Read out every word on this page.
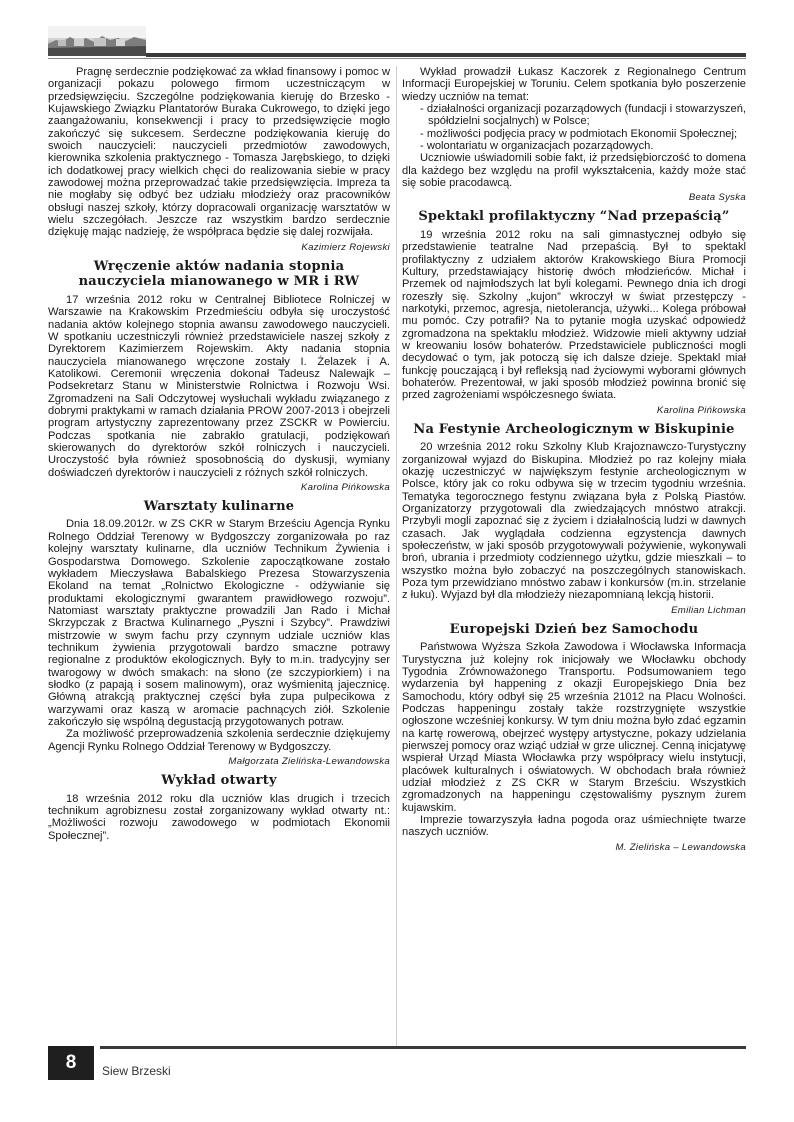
Pragnę serdecznie podziękować za wkład finansowy i pomoc w organizacji pokazu polowego firmom uczestniczącym w przedsięwzięciu. Szczególne podziękowania kieruję do Brzesko - Kujawskiego Związku Plantatorów Buraka Cukrowego, to dzięki jego zaangażowaniu, konsekwencji i pracy to przedsięwzięcie mogło zakończyć się sukcesem. Serdeczne podziękowania kieruję do swoich nauczycieli: nauczycieli przedmiotów zawodowych, kierownika szkolenia praktycznego - Tomasza Jarębskiego, to dzięki ich dodatkowej pracy wielkich chęci do realizowania siebie w pracy zawodowej można przeprowadzać takie przedsięwzięcia. Impreza ta nie mogłaby się odbyć bez udziału młodzieży oraz pracowników obsługi naszej szkoły, którzy dopracowali organizację warsztatów w wielu szczegółach. Jeszcze raz wszystkim bardzo serdecznie dziękuję mając nadzieję, że współpraca będzie się dalej rozwijała.

Kazimierz Rojewski
Wręczenie aktów nadania stopnia nauczyciela mianowanego w MR i RW

17 września 2012 roku w Centralnej Bibliotece Rolniczej w Warszawie na Krakowskim Przedmieściu odbyła się uroczystość nadania aktów kolejnego stopnia awansu zawodowego nauczycieli. W spotkaniu uczestniczyli również przedstawiciele naszej szkoły z Dyrektorem Kazimierzem Rojewskim. Akty nadania stopnia nauczyciela mianowanego wręczone zostały I. Żelazek i A. Katolikowi. Ceremonii wręczenia dokonał Tadeusz Nalewajk – Podsekretarz Stanu w Ministerstwie Rolnictwa i Rozwoju Wsi. Zgromadzeni na Sali Odczytowej wysłuchali wykładu związanego z dobrymi praktykami w ramach działania PROW 2007-2013 i obejrzeli program artystyczny zaprezentowany przez ZSCKR w Powierciu. Podczas spotkania nie zabrakło gratulacji, podziękowań skierowanych do dyrektorów szkół rolniczych i nauczycieli. Uroczystość była również sposobnością do dyskusji, wymiany doświadczeń dyrektorów i nauczycieli z różnych szkół rolniczych.

Karolina Pińkowska
Warsztaty kulinarne

Dnia 18.09.2012r. w ZS CKR w Starym Brześciu Agencja Rynku Rolnego Oddział Terenowy w Bydgoszczy zorganizowała po raz kolejny warsztaty kulinarne, dla uczniów Technikum Żywienia i Gospodarstwa Domowego. Szkolenie zapoczątkowane zostało wykładem Mieczysława Babalskiego Prezesa Stowarzyszenia Ekoland na temat „Rolnictwo Ekologiczne - odżywianie się produktami ekologicznymi gwarantem prawidłowego rozwoju”. Natomiast warsztaty praktyczne prowadzili Jan Rado i Michał Skrzypczak z Bractwa Kulinarnego „Pyszni i Szybcy”. Prawdziwi mistrzowie w swym fachu przy czynnym udziale uczniów klas technikum żywienia przygotowali bardzo smaczne potrawy regionalne z produktów ekologicznych. Były to m.in. tradycyjny ser twarogowy w dwóch smakach: na słono (ze szczypiorkiem) i na słodko (z papają i sosem malinowym), oraz wyśmienitą jajecznicę. Główną atrakcją praktycznej części była zupa pulpecikowa z warzywami oraz kaszą w aromacie pachnących ziół. Szkolenie zakończyło się wspólną degustacją przygotowanych potraw.

Za możliwość przeprowadzenia szkolenia serdecznie dziękujemy Agencji Rynku Rolnego Oddział Terenowy w Bydgoszczy.

Małgorzata Zielińska-Lewandowska
Wykład otwarty

18 września 2012 roku dla uczniów klas drugich i trzecich technikum agrobiznesu został zorganizowany wykład otwarty nt.: „Możliwości rozwoju zawodowego w podmiotach Ekonomii Społecznej”.

Wykład prowadził Łukasz Kaczorek z Regionalnego Centrum Informacji Europejskiej w Toruniu. Celem spotkania było poszerzenie wiedzy uczniów na temat:

- działalności organizacji pozarządowych (fundacji i stowarzyszeń, spółdzielni socjalnych) w Polsce;
- możliwości podjęcia pracy w podmiotach Ekonomii Społecznej;
- wolontariatu w organizacjach pozarządowych.

Uczniowie uświadomili sobie fakt, iż przedsiębiorczość to domena dla każdego bez względu na profil wykształcenia, każdy może stać się sobie pracodawcą.

Beata Syska
Spektakl profilaktyczny “Nad przepaścią”

19 września 2012 roku na sali gimnastycznej odbyło się przedstawienie teatralne Nad przepaścią. Był to spektakl profilaktyczny z udziałem aktorów Krakowskiego Biura Promocji Kultury, przedstawiający historię dwóch młodzieńców. Michał i Przemek od najmłodszych lat byli kolegami. Pewnego dnia ich drogi rozeszły się. Szkolny „kujon” wkroczył w świat przestępczy - narkotyki, przemoc, agresja, nietolerancja, używki... Kolega próbował mu pomóc. Czy potrafił? Na to pytanie mogła uzyskać odpowiedź zgromadzona na spektaklu młodzież. Widzowie mieli aktywny udział w kreowaniu losów bohaterów. Przedstawiciele publiczności mogli decydować o tym, jak potoczą się ich dalsze dzieje. Spektakl miał funkcję pouczającą i był refleksją nad życiowymi wyborami głównych bohaterów. Prezentował, w jaki sposób młodzież powinna bronić się przed zagrożeniami współczesnego świata.

Karolina Pińkowska
Na Festynie Archeologicznym w Biskupinie

20 września 2012 roku Szkolny Klub Krajoznawczo-Turystyczny zorganizował wyjazd do Biskupina. Młodzież po raz kolejny miała okazję uczestniczyć w największym festynie archeologicznym w Polsce, który jak co roku odbywa się w trzecim tygodniu września. Tematyka tegorocznego festynu związana była z Polską Piastów. Organizatorzy przygotowali dla zwiedzających mnóstwo atrakcji. Przybyli mogli zapoznać się z życiem i działalnością ludzi w dawnych czasach. Jak wyglądała codzienna egzystencja dawnych społeczeństw, w jaki sposób przygotowywali pożywienie, wykonywali broń, ubrania i przedmioty codziennego użytku, gdzie mieszkali – to wszystko można było zobaczyć na poszczególnych stanowiskach. Poza tym przewidziano mnóstwo zabaw i konkursów (m.in. strzelanie z łuku). Wyjazd był dla młodzieży niezapomnianą lekcją historii.

Emilian Lichman
Europejski Dzień bez Samochodu

Państwowa Wyższa Szkoła Zawodowa i Włocławska Informacja Turystyczna już kolejny rok inicjowały we Włocławku obchody Tygodnia Zrównoważonego Transportu. Podsumowaniem tego wydarzenia był happening z okazji Europejskiego Dnia bez Samochodu, który odbył się 25 września 21012 na Placu Wolności. Podczas happeningu zostały także rozstrzygnięte wszystkie ogłoszone wcześniej konkursy. W tym dniu można było zdać egzamin na kartę rowerową, obejrzeć występy artystyczne, pokazy udzielania pierwszej pomocy oraz wziąć udział w grze ulicznej. Cenną inicjatywę wspierał Urząd Miasta Włocławka przy współpracy wielu instytucji, placówek kulturalnych i oświatowych. W obchodach brała również udział młodzież z ZS CKR w Starym Brześciu. Wszystkich zgromadzonych na happeningu częstowaliśmy pysznym żurem kujawskim.

Imprezie towarzyszyła ładna pogoda oraz uśmiechnięte twarze naszych uczniów.

M. Zielińska – Lewandowska
8	Siew Brzeski
